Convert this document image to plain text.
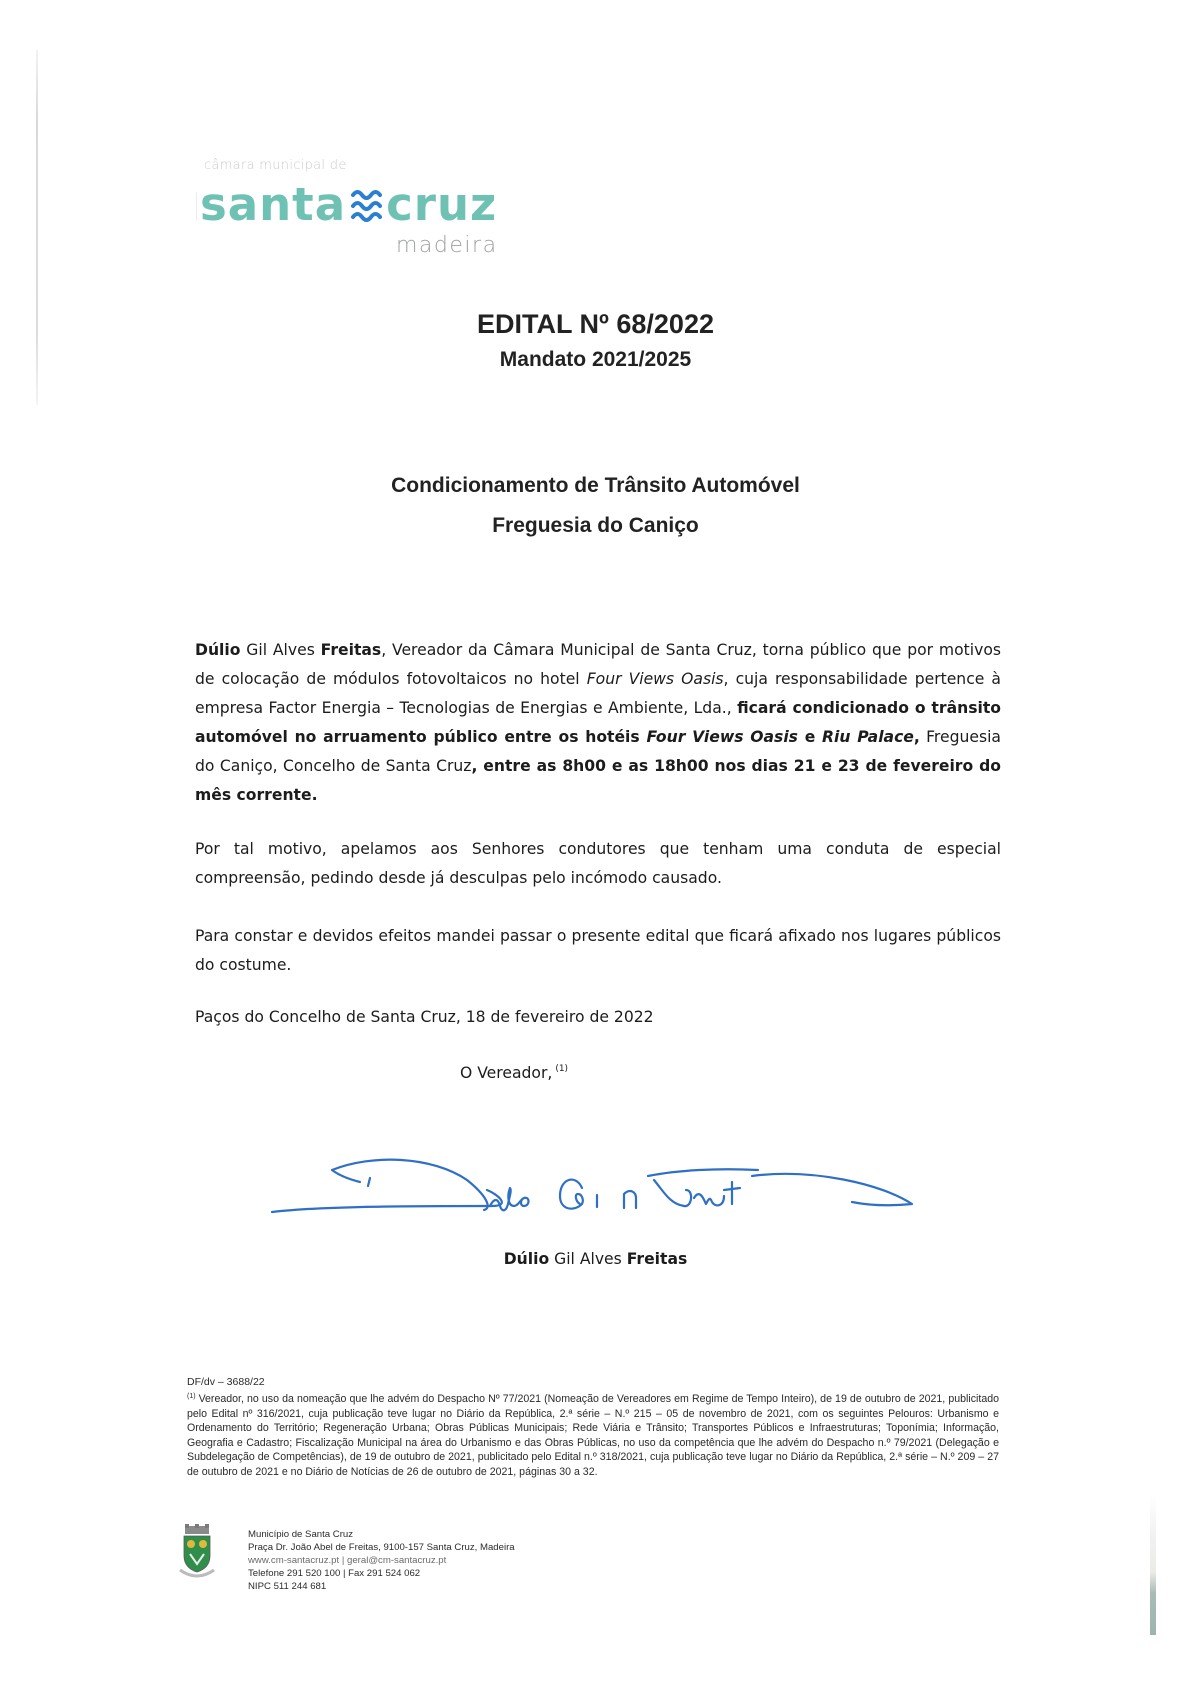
câmara municipal de
santa cruz
madeira
EDITAL Nº 68/2022
Mandato 2021/2025
Condicionamento de Trânsito Automóvel
Freguesia do Caniço
Dúlio Gil Alves Freitas, Vereador da Câmara Municipal de Santa Cruz, torna público que por motivos de colocação de módulos fotovoltaicos no hotel Four Views Oasis, cuja responsabilidade pertence à empresa Factor Energia – Tecnologias de Energias e Ambiente, Lda., ficará condicionado o trânsito automóvel no arruamento público entre os hotéis Four Views Oasis e Riu Palace, Freguesia do Caniço, Concelho de Santa Cruz, entre as 8h00 e as 18h00 nos dias 21 e 23 de fevereiro do mês corrente.
Por tal motivo, apelamos aos Senhores condutores que tenham uma conduta de especial compreensão, pedindo desde já desculpas pelo incómodo causado.
Para constar e devidos efeitos mandei passar o presente edital que ficará afixado nos lugares públicos do costume.
Paços do Concelho de Santa Cruz, 18 de fevereiro de 2022
O Vereador, $^{(1)}$
Dúlio Gil Alves Freitas
DF/dv – 3688/22
$^{(1)}$ Vereador, no uso da nomeação que lhe advém do Despacho Nº 77/2021 (Nomeação de Vereadores em Regime de Tempo Inteiro), de 19 de outubro de 2021, publicitado pelo Edital nº 316/2021, cuja publicação teve lugar no Diário da República, 2.ª série – N.º 215 – 05 de novembro de 2021, com os seguintes Pelouros: Urbanismo e Ordenamento do Território; Regeneração Urbana; Obras Públicas Municipais; Rede Viária e Trânsito; Transportes Públicos e Infraestruturas; Toponímia; Informação, Geografia e Cadastro; Fiscalização Municipal na área do Urbanismo e das Obras Públicas, no uso da competência que lhe advém do Despacho n.º 79/2021 (Delegação e Subdelegação de Competências), de 19 de outubro de 2021, publicitado pelo Edital n.º 318/2021, cuja publicação teve lugar no Diário da República, 2.ª série – N.º 209 – 27 de outubro de 2021 e no Diário de Notícias de 26 de outubro de 2021, páginas 30 a 32.
Município de Santa Cruz
Praça Dr. João Abel de Freitas, 9100-157 Santa Cruz, Madeira
www.cm-santacruz.pt | geral@cm-santacruz.pt
Telefone 291 520 100 | Fax 291 524 062
NIPC 511 244 681
